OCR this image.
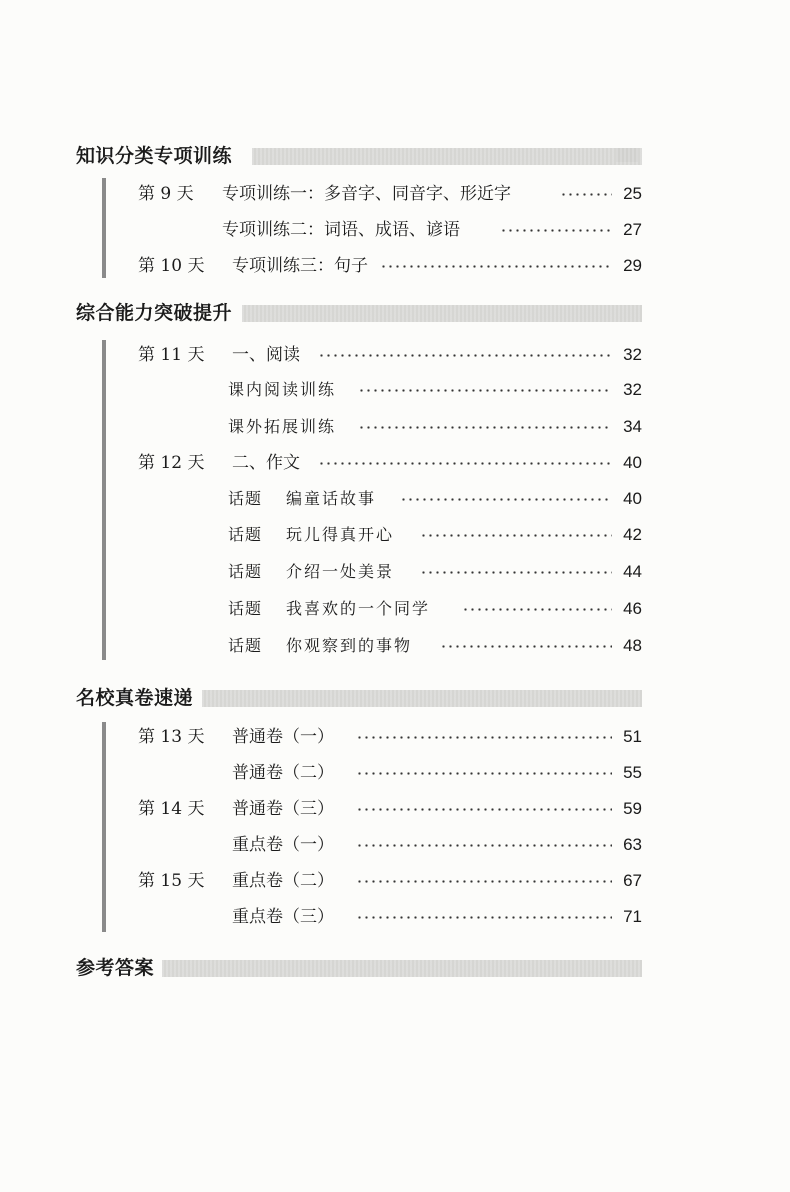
知识分类专项训练
第 9 天 专项训练一：多音字、同音字、形近字	25
专项训练二：词语、成语、谚语	27
第 10 天 专项训练三：句子	29
综合能力突破提升
第 11 天 一、阅读	32
课内阅读训练	32
课外拓展训练	34
第 12 天 二、作文	40
话题 编童话故事	40
话题 玩儿得真开心	42
话题 介绍一处美景	44
话题 我喜欢的一个同学	46
话题 你观察到的事物	48
名校真卷速递
第 13 天 普通卷（一）	51
普通卷（二）	55
第 14 天 普通卷（三）	59
重点卷（一）	63
第 15 天 重点卷（二）	67
重点卷（三）	71
参考答案
